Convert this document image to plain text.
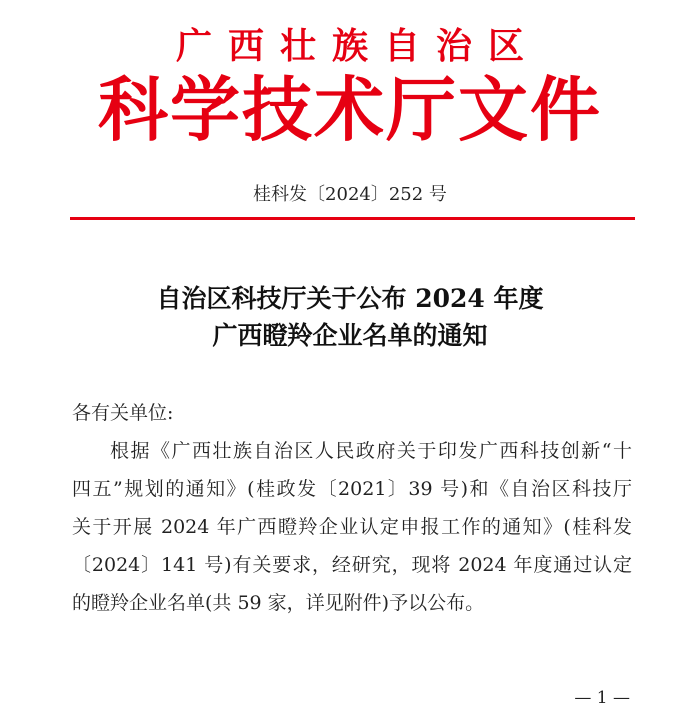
广西壮族自治区
科学技术厅文件
桂科发〔2024〕252 号
自治区科技厅关于公布 2024 年度
广西瞪羚企业名单的通知
各有关单位:
根据《广西壮族自治区人民政府关于印发广西科技创新“十
四五”规划的通知》(桂政发〔2021〕39 号)和《自治区科技厅
关于开展 2024 年广西瞪羚企业认定申报工作的通知》(桂科发
〔2024〕141 号)有关要求，经研究，现将 2024 年度通过认定
的瞪羚企业名单(共 59 家，详见附件)予以公布。
— 1 —
